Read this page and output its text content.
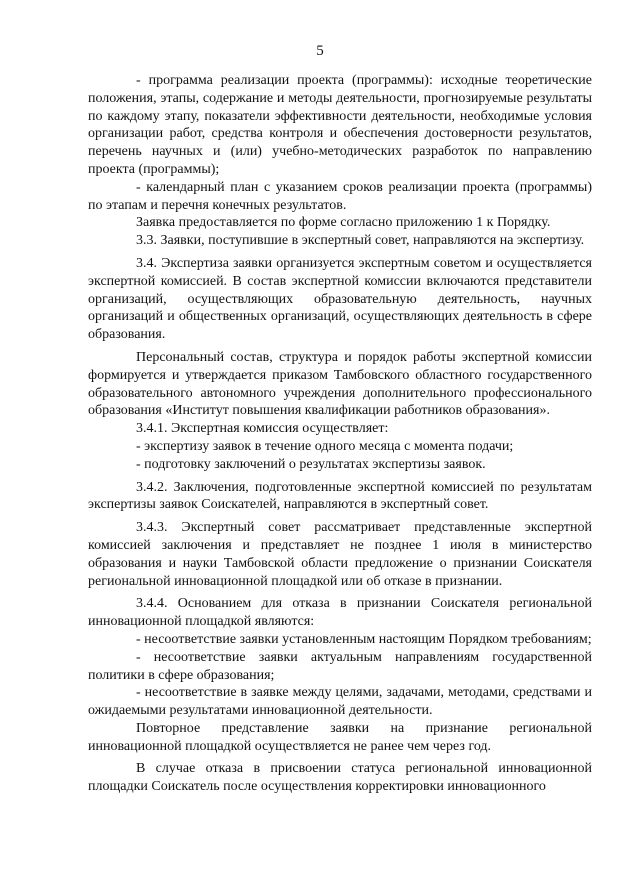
5

- программа реализации проекта (программы): исходные теоретические положения, этапы, содержание и методы деятельности, прогнозируемые результаты по каждому этапу, показатели эффективности деятельности, необходимые условия организации работ, средства контроля и обеспечения достоверности результатов, перечень научных и (или) учебно-методических разработок по направлению проекта (программы);

- календарный план с указанием сроков реализации проекта (программы) по этапам и перечня конечных результатов.

Заявка предоставляется по форме согласно приложению 1 к Порядку.

3.3. Заявки, поступившие в экспертный совет, направляются на экспертизу.

3.4. Экспертиза заявки организуется экспертным советом и осуществляется экспертной комиссией. В состав экспертной комиссии включаются представители организаций, осуществляющих образовательную деятельность, научных организаций и общественных организаций, осуществляющих деятельность в сфере образования.

Персональный состав, структура и порядок работы экспертной комиссии формируется и утверждается приказом Тамбовского областного государственного образовательного автономного учреждения дополнительного профессионального образования «Институт повышения квалификации работников образования».

3.4.1. Экспертная комиссия осуществляет:

- экспертизу заявок в течение одного месяца с момента подачи;

- подготовку заключений о результатах экспертизы заявок.

3.4.2. Заключения, подготовленные экспертной комиссией по результатам экспертизы заявок Соискателей, направляются в экспертный совет.

3.4.3. Экспертный совет рассматривает представленные экспертной комиссией заключения и представляет не позднее 1 июля в министерство образования и науки Тамбовской области предложение о признании Соискателя региональной инновационной площадкой или об отказе в признании.

3.4.4. Основанием для отказа в признании Соискателя региональной инновационной площадкой являются:

- несоответствие заявки установленным настоящим Порядком требованиям;

- несоответствие заявки актуальным направлениям государственной политики в сфере образования;

- несоответствие в заявке между целями, задачами, методами, средствами и ожидаемыми результатами инновационной деятельности.

Повторное представление заявки на признание региональной инновационной площадкой осуществляется не ранее чем через год.

В случае отказа в присвоении статуса региональной инновационной площадки Соискатель после осуществления корректировки инновационного
